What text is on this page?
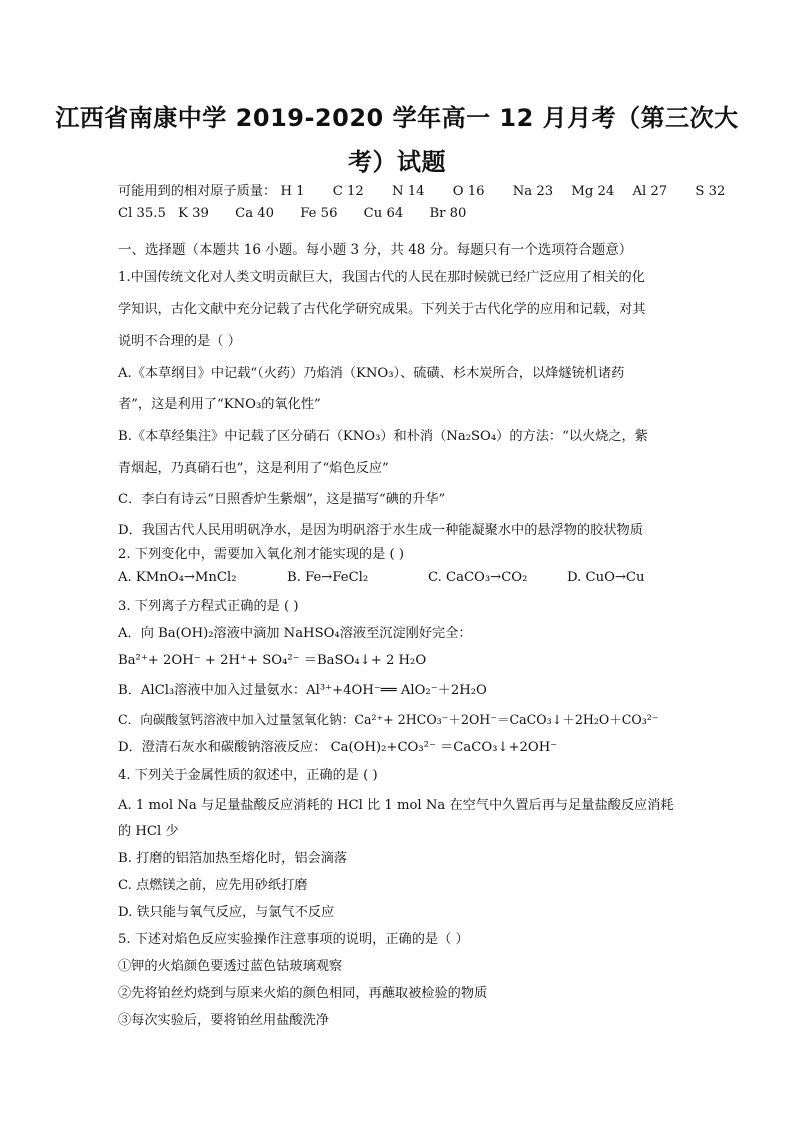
江西省南康中学 2019-2020 学年高一 12 月月考（第三次大
考）试题
可能用到的相对原子质量： H 1 C 12 N 14 O 16 Na 23 Mg 24 Al 27 S 32
Cl 35.5 K 39 Ca 40 Fe 56 Cu 64 Br 80
一、选择题（本题共 16 小题。每小题 3 分，共 48 分。每题只有一个选项符合题意）
1.中国传统文化对人类文明贡献巨大，我国古代的人民在那时候就已经广泛应用了相关的化
学知识，古化文献中充分记载了古代化学研究成果。下列关于古代化学的应用和记载，对其
说明不合理的是（ ）
A.《本草纲目》中记载“（火药）乃焰消（KNO₃）、硫磺、杉木炭所合，以烽燧铳机诸药
者”，这是利用了“KNO₃的氧化性”
B.《本草经集注》中记载了区分硝石（KNO₃）和朴消（Na₂SO₄）的方法：“以火烧之，紫
青烟起，乃真硝石也”，这是利用了“焰色反应”
C．李白有诗云“日照香炉生紫烟”，这是描写“碘的升华”
D．我国古代人民用明矾净水，是因为明矾溶于水生成一种能凝聚水中的悬浮物的胶状物质
2. 下列变化中，需要加入氧化剂才能实现的是 ( )
A. KMnO₄→MnCl₂	B. Fe→FeCl₂	C. CaCO₃→CO₂	D. CuO→Cu
3. 下列离子方程式正确的是 ( )
A．向 Ba(OH)₂溶液中滴加 NaHSO₄溶液至沉淀刚好完全：
Ba²⁺+ 2OH⁻ + 2H⁺+ SO₄²⁻ ＝BaSO₄↓+ 2 H₂O
B．AlCl₃溶液中加入过量氨水：Al³⁺+4OH⁻══ AlO₂⁻＋2H₂O
C．向碳酸氢钙溶液中加入过量氢氧化钠：Ca²⁺+ 2HCO₃⁻＋2OH⁻＝CaCO₃↓＋2H₂O＋CO₃²⁻
D．澄清石灰水和碳酸钠溶液反应： Ca(OH)₂+CO₃²⁻ ＝CaCO₃↓+2OH⁻
4. 下列关于金属性质的叙述中，正确的是 ( )
A. 1 mol Na 与足量盐酸反应消耗的 HCl 比 1 mol Na 在空气中久置后再与足量盐酸反应消耗
的 HCl 少
B. 打磨的铝箔加热至熔化时，铝会滴落
C. 点燃镁之前，应先用砂纸打磨
D. 铁只能与氧气反应，与氯气不反应
5. 下述对焰色反应实验操作注意事项的说明，正确的是（ ）
①钾的火焰颜色要透过蓝色钴玻璃观察
②先将铂丝灼烧到与原来火焰的颜色相同，再蘸取被检验的物质
③每次实验后，要将铂丝用盐酸洗净
